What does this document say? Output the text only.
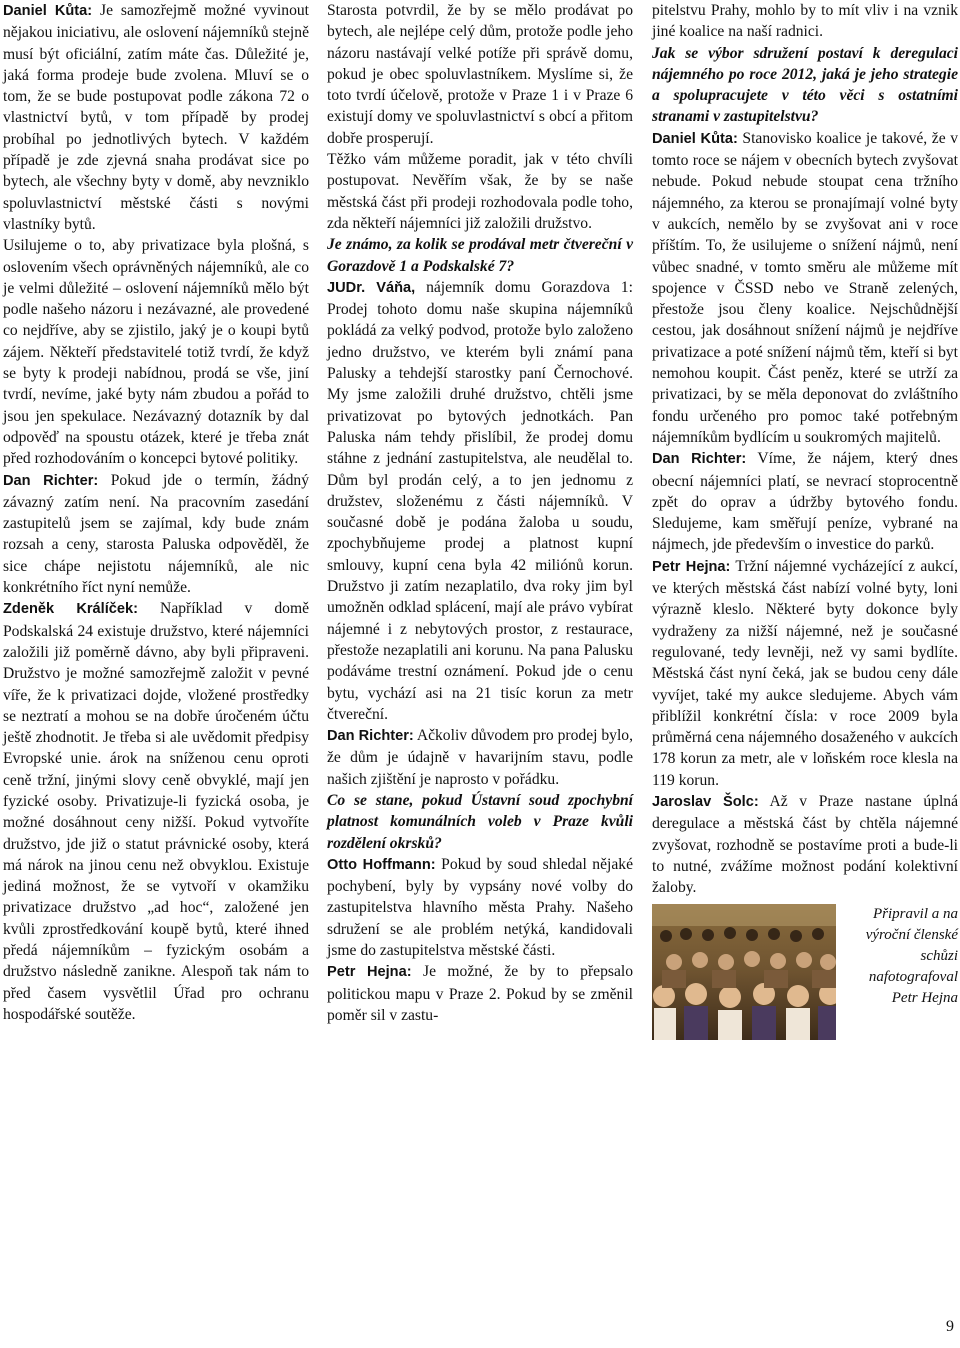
Daniel Kůta: Je samozřejmě možné vyvinout nějakou iniciativu, ale oslovení nájemníků stejně musí být oficiální, zatím máte čas. Důležité je, jaká forma prodeje bude zvolena. Mluví se o tom, že se bude postupovat podle zákona 72 o vlastnictví bytů, v tom případě by prodej probíhal po jednotlivých bytech. V každém případě je zde zjevná snaha prodávat sice po bytech, ale všechny byty v domě, aby nevzniklo spoluvlastnictví městské části s novými vlastníky bytů.

Usilujeme o to, aby privatizace byla plošná, s oslovením všech oprávněných nájemníků, ale co je velmi důležité – oslovení nájemníků mělo být podle našeho názoru i nezávazné, ale provedené co nejdříve, aby se zjistilo, jaký je o koupi bytů zájem. Někteří představitelé totiž tvrdí, že když se byty k prodeji nabídnou, prodá se vše, jiní tvrdí, nevíme, jaké byty nám zbudou a pořád to jsou jen spekulace. Nezávazný dotazník by dal odpověď na spoustu otázek, které je třeba znát před rozhodováním o koncepci bytové politiky.

Dan Richter: Pokud jde o termín, žádný závazný zatím není. Na pracovním zasedání zastupitelů jsem se zajímal, kdy bude znám rozsah a ceny, starosta Paluska odpověděl, že sice chápe nejistotu nájemníků, ale nic konkrétního říct nyní nemůže.

Zdeněk Králíček: Například v domě Podskalská 24 existuje družstvo, které nájemníci založili již poměrně dávno, aby byli připraveni. Družstvo je možné samozřejmě založit v pevné víře, že k privatizaci dojde, vložené prostředky se neztratí a mohou se na dobře úročeném účtu ještě zhodnotit. Je třeba si ale uvědomit předpisy Evropské unie. árok na sníženou cenu oproti ceně tržní, jinými slovy ceně obvyklé, mají jen fyzické osoby. Privatizuje-li fyzická osoba, je možné dosáhnout ceny nižší. Pokud vytvoříte družstvo, jde již o statut právnické osoby, která má nárok na jinou cenu než obvyklou. Existuje jediná možnost, že se vytvoří v okamžiku privatizace družstvo „ad hoc“, založené jen kvůli zprostředkování koupě bytů, které ihned předá nájemníkům – fyzickým osobám a družstvo následně zanikne. Alespoň tak nám to před časem vysvětlil Úřad pro ochranu hospodářské soutěže.

Starosta potvrdil, že by se mělo prodávat po bytech, ale nejlépe celý dům, protože podle jeho názoru nastávají velké potíže při správě domu, pokud je obec spoluvlastníkem. Myslíme si, že toto tvrdí účelově, protože v Praze 1 i v Praze 6 existují domy ve spoluvlastnictví s obcí a přitom dobře prosperují.

Těžko vám můžeme poradit, jak v této chvíli postupovat. Nevěřím však, že by se naše městská část při prodeji rozhodovala podle toho, zda někteří nájemníci již založili družstvo.

Je známo, za kolik se prodával metr čtvereční v Gorazdově 1 a Podskalské 7?

JUDr. Váňa, nájemník domu Gorazdova 1: Prodej tohoto domu naše skupina nájemníků pokládá za velký podvod, protože bylo založeno jedno družstvo, ve kterém byli známí pana Palusky a tehdejší starostky paní Černochové. My jsme založili druhé družstvo, chtěli jsme privatizovat po bytových jednotkách. Pan Paluska nám tehdy přislíbil, že prodej domu stáhne z jednání zastupitelstva, ale neudělal to. Dům byl prodán celý, a to jen jednomu z družstev, složenému z části nájemníků. V současné době je podána žaloba u soudu, zpochybňujeme prodej a platnost kupní smlouvy, kupní cena byla 42 miliónů korun. Družstvo ji zatím nezaplatilo, dva roky jim byl umožněn odklad splácení, mají ale právo vybírat nájemné i z nebytových prostor, z restaurace, přestože nezaplatili ani korunu. Na pana Palusku podáváme trestní oznámení. Pokud jde o cenu bytu, vychází asi na 21 tisíc korun za metr čtvereční.

Dan Richter: Ačkoliv důvodem pro prodej bylo, že dům je údajně v havarijním stavu, podle našich zjištění je naprosto v pořádku.

Co se stane, pokud Ústavní soud zpochybní platnost komunálních voleb v Praze kvůli rozdělení okrsků?

Otto Hoffmann: Pokud by soud shledal nějaké pochybení, byly by vypsány nové volby do zastupitelstva hlavního města Prahy. Našeho sdružení se ale problém netýká, kandidovali jsme do zastupitelstva městské části.

Petr Hejna: Je možné, že by to přepsalo politickou mapu v Praze 2. Pokud by se změnil poměr sil v zastu-

pitelstvu Prahy, mohlo by to mít vliv i na vznik jiné koalice na naší radnici.

Jak se výbor sdružení postaví k deregulaci nájemného po roce 2012, jaká je jeho strategie a spolupracujete v této věci s ostatními stranami v zastupitelstvu?

Daniel Kůta: Stanovisko koalice je takové, že v tomto roce se nájem v obecních bytech zvyšovat nebude. Pokud nebude stoupat cena tržního nájemného, za kterou se pronajímají volné byty v aukcích, nemělo by se zvyšovat ani v roce příštím. To, že usilujeme o snížení nájmů, není vůbec snadné, v tomto směru ale můžeme mít spojence v ČSSD nebo ve Straně zelených, přestože jsou členy koalice. Nejschůdnější cestou, jak dosáhnout snížení nájmů je nejdříve privatizace a poté snížení nájmů těm, kteří si byt nemohou koupit. Část peněz, které se utrží za privatizaci, by se měla deponovat do zvláštního fondu určeného pro pomoc také potřebným nájemníkům bydlícím u soukromých majitelů.

Dan Richter: Víme, že nájem, který dnes obecní nájemníci platí, se nevrací stoprocentně zpět do oprav a údržby bytového fondu. Sledujeme, kam směřují peníze, vybrané na nájmech, jde především o investice do parků.

Petr Hejna: Tržní nájemné vycházející z aukcí, ve kterých městská část nabízí volné byty, loni výrazně kleslo. Některé byty dokonce byly vydraženy za nižší nájemné, než je současné regulované, tedy levněji, než vy sami bydlíte. Městská část nyní čeká, jak se budou ceny dále vyvíjet, také my aukce sledujeme. Abych vám přiblížil konkrétní čísla: v roce 2009 byla průměrná cena nájemného dosaženého v aukcích 178 korun za metr, ale v loňském roce klesla na 119 korun.

Jaroslav Šolc: Až v Praze nastane úplná deregulace a městská část by chtěla nájemné zvyšovat, rozhodně se postavíme proti a bude-li to nutné, zvážíme možnost podání kolektivní žaloby.

Připravil a na výroční členské schůzi nafotografoval Petr Hejna
9
